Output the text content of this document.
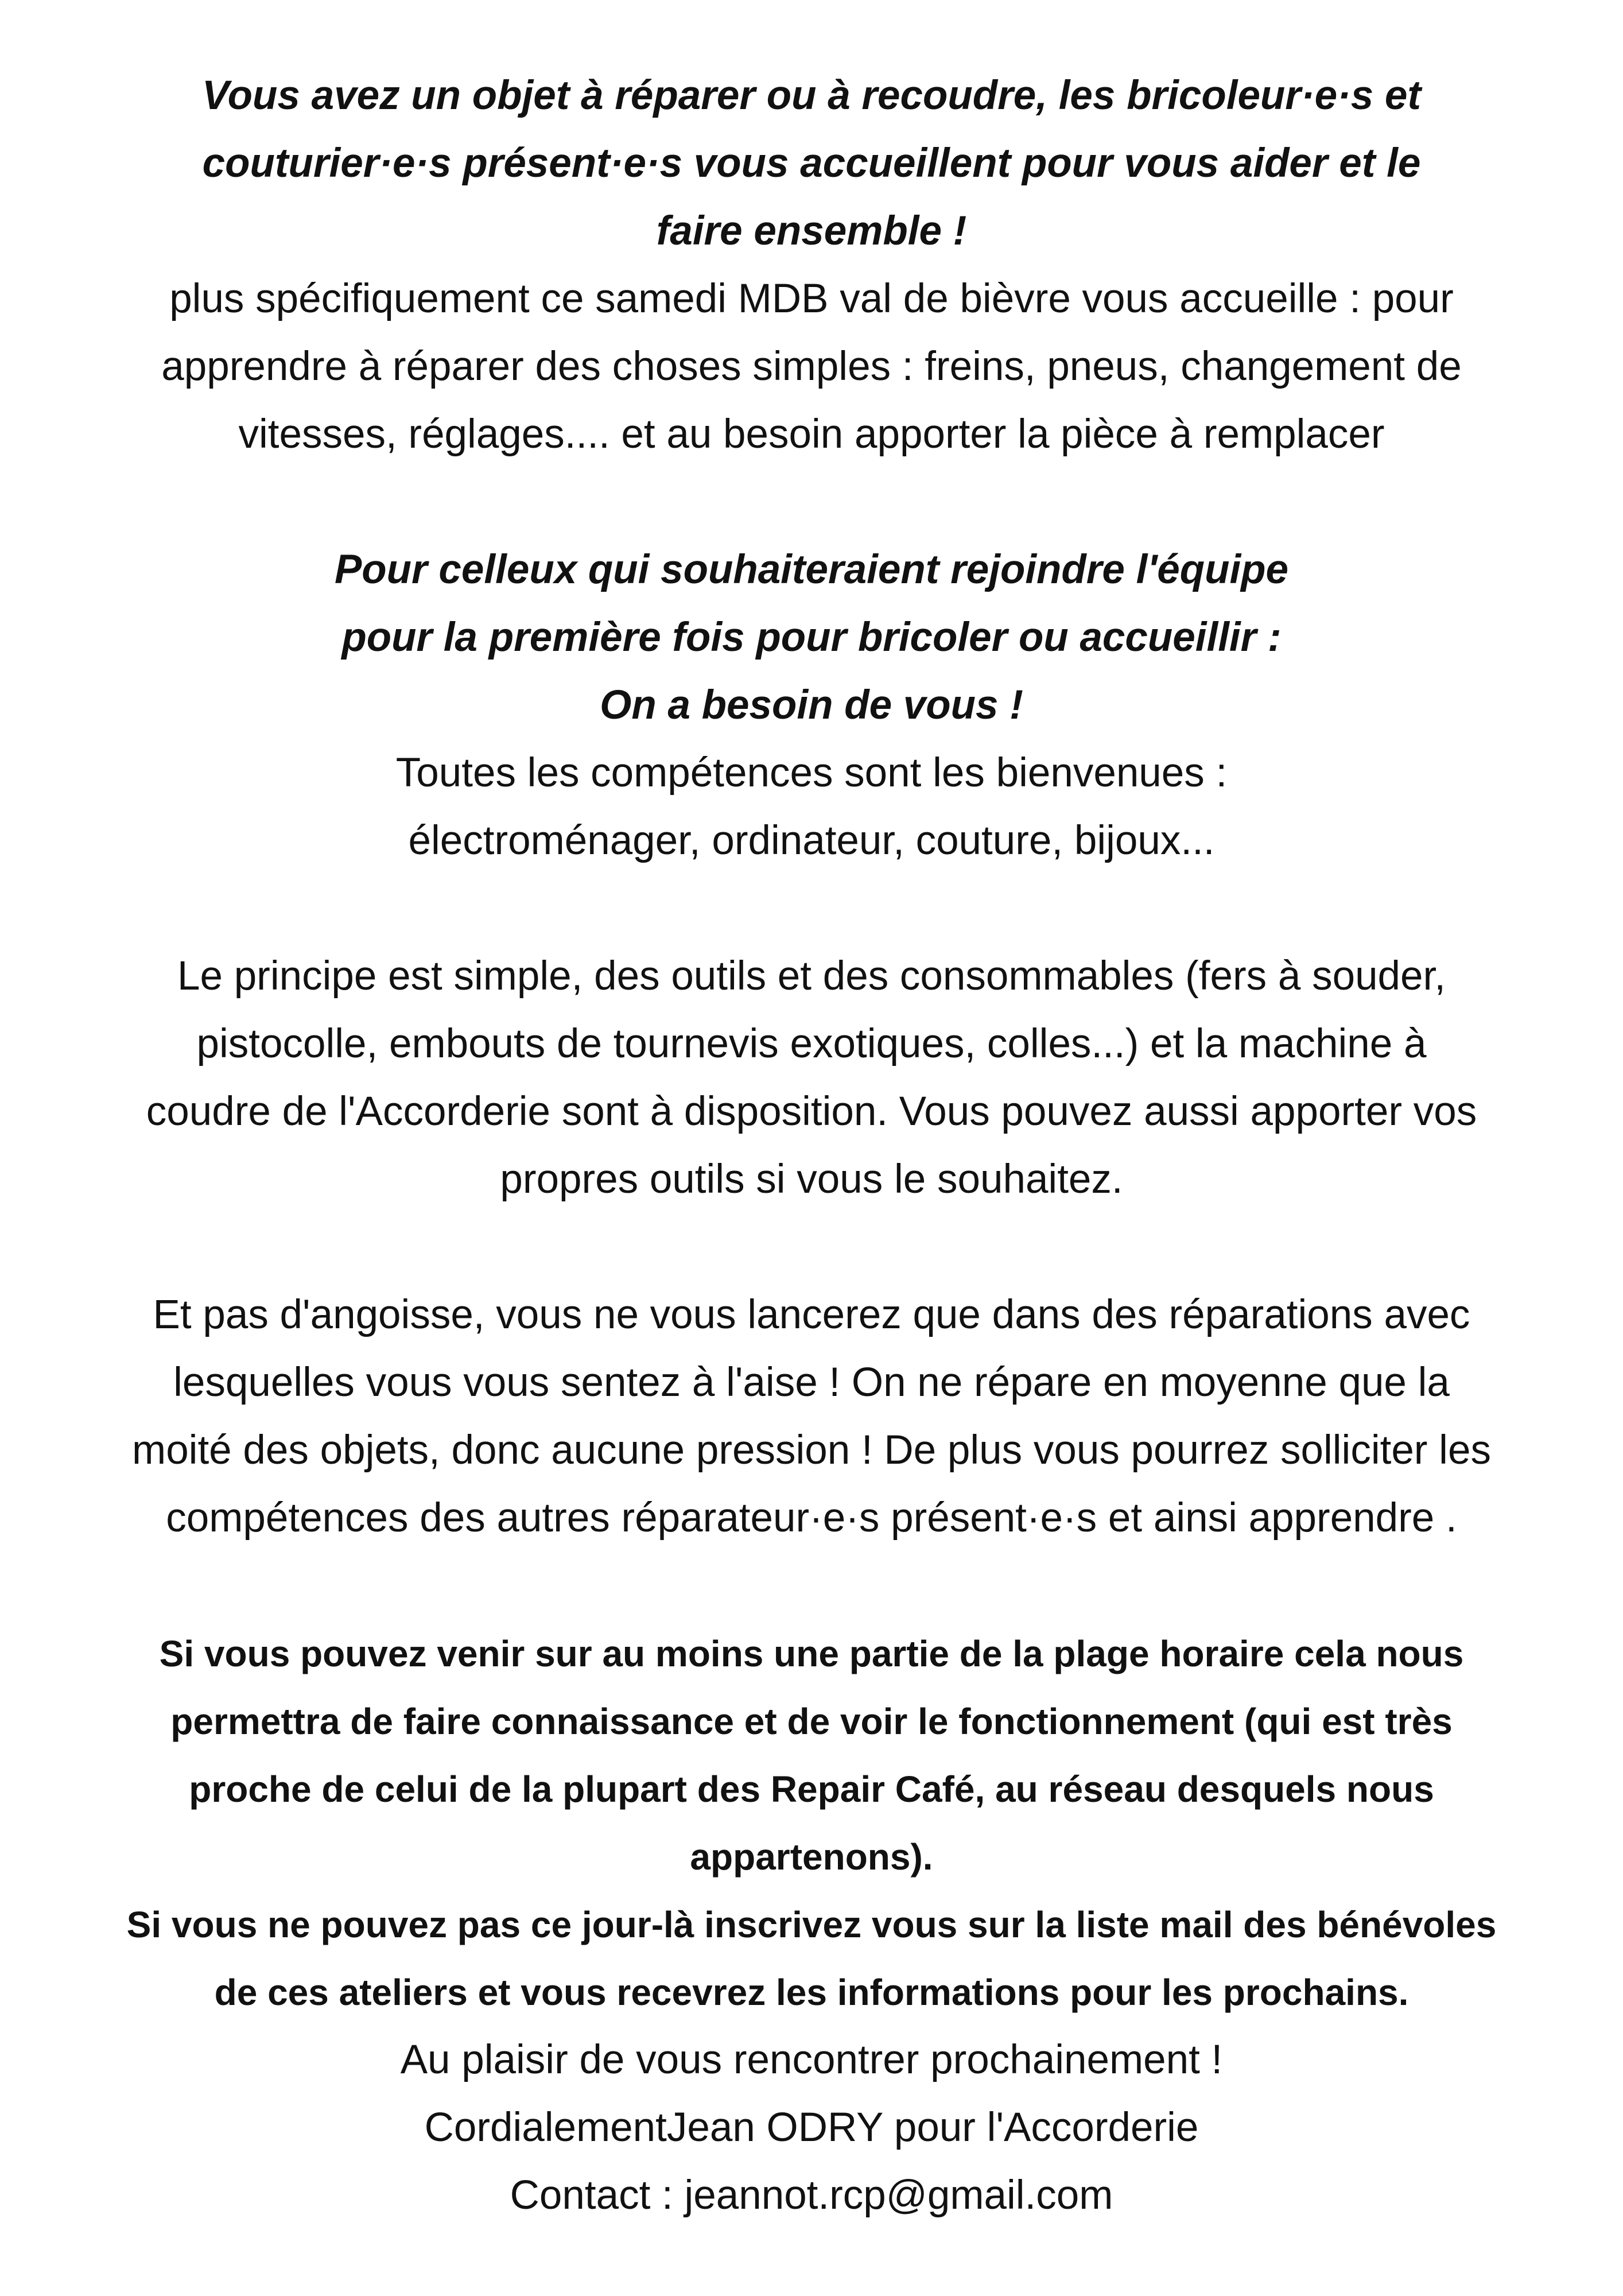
Vous avez un objet à réparer ou à recoudre, les bricoleur·e·s et
couturier·e·s présent·e·s vous accueillent pour vous aider et le
faire ensemble !
plus spécifiquement ce samedi MDB val de bièvre vous accueille : pour
apprendre à réparer des choses simples : freins, pneus, changement de
vitesses, réglages.... et au besoin apporter la pièce à remplacer
Pour celleux qui souhaiteraient rejoindre l'équipe
pour la première fois pour bricoler ou accueillir :
On a besoin de vous !
Toutes les compétences sont les bienvenues :
électroménager, ordinateur, couture, bijoux...
Le principe est simple, des outils et des consommables (fers à souder,
pistocolle, embouts de tournevis exotiques, colles...) et la machine à
coudre de l'Accorderie sont à disposition. Vous pouvez aussi apporter vos
propres outils si vous le souhaitez.
Et pas d'angoisse, vous ne vous lancerez que dans des réparations avec
lesquelles vous vous sentez à l'aise ! On ne répare en moyenne que la
moité des objets, donc aucune pression ! De plus vous pourrez solliciter les
compétences des autres réparateur·e·s présent·e·s et ainsi apprendre .
Si vous pouvez venir sur au moins une partie de la plage horaire cela nous
permettra de faire connaissance et de voir le fonctionnement (qui est très
proche de celui de la plupart des Repair Café, au réseau desquels nous
appartenons).
Si vous ne pouvez pas ce jour-là inscrivez vous sur la liste mail des bénévoles
de ces ateliers et vous recevrez les informations pour les prochains.
Au plaisir de vous rencontrer prochainement !
CordialementJean ODRY pour l'Accorderie
Contact : jeannot.rcp@gmail.com
